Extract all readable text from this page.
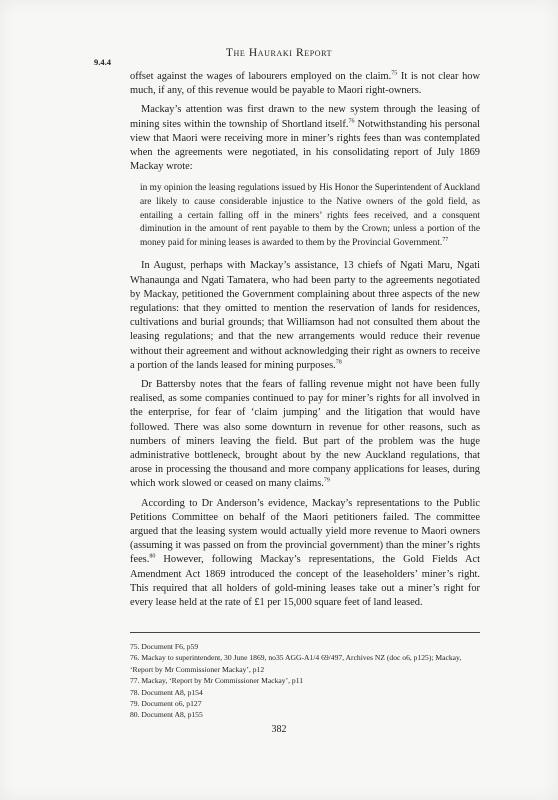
The Hauraki Report
9.4.4

offset against the wages of labourers employed on the claim.$^{75}$ It is not clear how much, if any, of this revenue would be payable to Maori right-owners.

Mackay’s attention was first drawn to the new system through the leasing of mining sites within the township of Shortland itself.$^{76}$ Notwithstanding his personal view that Maori were receiving more in miner’s rights fees than was contemplated when the agreements were negotiated, in his consolidating report of July 1869 Mackay wrote:

in my opinion the leasing regulations issued by His Honor the Superintendent of Auckland are likely to cause considerable injustice to the Native owners of the gold field, as entailing a certain falling off in the miners’ rights fees received, and a consquent diminution in the amount of rent payable to them by the Crown; unless a portion of the money paid for mining leases is awarded to them by the Provincial Government.$^{77}$

In August, perhaps with Mackay’s assistance, 13 chiefs of Ngati Maru, Ngati Whanaunga and Ngati Tamatera, who had been party to the agreements negotiated by Mackay, petitioned the Government complaining about three aspects of the new regulations: that they omitted to mention the reservation of lands for residences, cultivations and burial grounds; that Williamson had not consulted them about the leasing regulations; and that the new arrangements would reduce their revenue without their agreement and without acknowledging their right as owners to receive a portion of the lands leased for mining purposes.$^{78}$

Dr Battersby notes that the fears of falling revenue might not have been fully realised, as some companies continued to pay for miner’s rights for all involved in the enterprise, for fear of ‘claim jumping’ and the litigation that would have followed. There was also some downturn in revenue for other reasons, such as numbers of miners leaving the field. But part of the problem was the huge administrative bottleneck, brought about by the new Auckland regulations, that arose in processing the thousand and more company applications for leases, during which work slowed or ceased on many claims.$^{79}$

According to Dr Anderson’s evidence, Mackay’s representations to the Public Petitions Committee on behalf of the Maori petitioners failed. The committee argued that the leasing system would actually yield more revenue to Maori owners (assuming it was passed on from the provincial government) than the miner’s rights fees.$^{80}$ However, following Mackay’s representations, the Gold Fields Act Amendment Act 1869 introduced the concept of the leaseholders’ miner’s right. This required that all holders of gold-mining leases take out a miner’s right for every lease held at the rate of £1 per 15,000 square feet of land leased.

75. Document F6, p59

76. Mackay to superintendent, 30 June 1869, no35 AGG-A1/4 69/497, Archives NZ (doc o6, p125); Mackay, ‘Report by Mr Commissioner Mackay’, p12

77. Mackay, ‘Report by Mr Commissioner Mackay’, p11

78. Document A8, p154

79. Document o6, p127

80. Document A8, p155

382
